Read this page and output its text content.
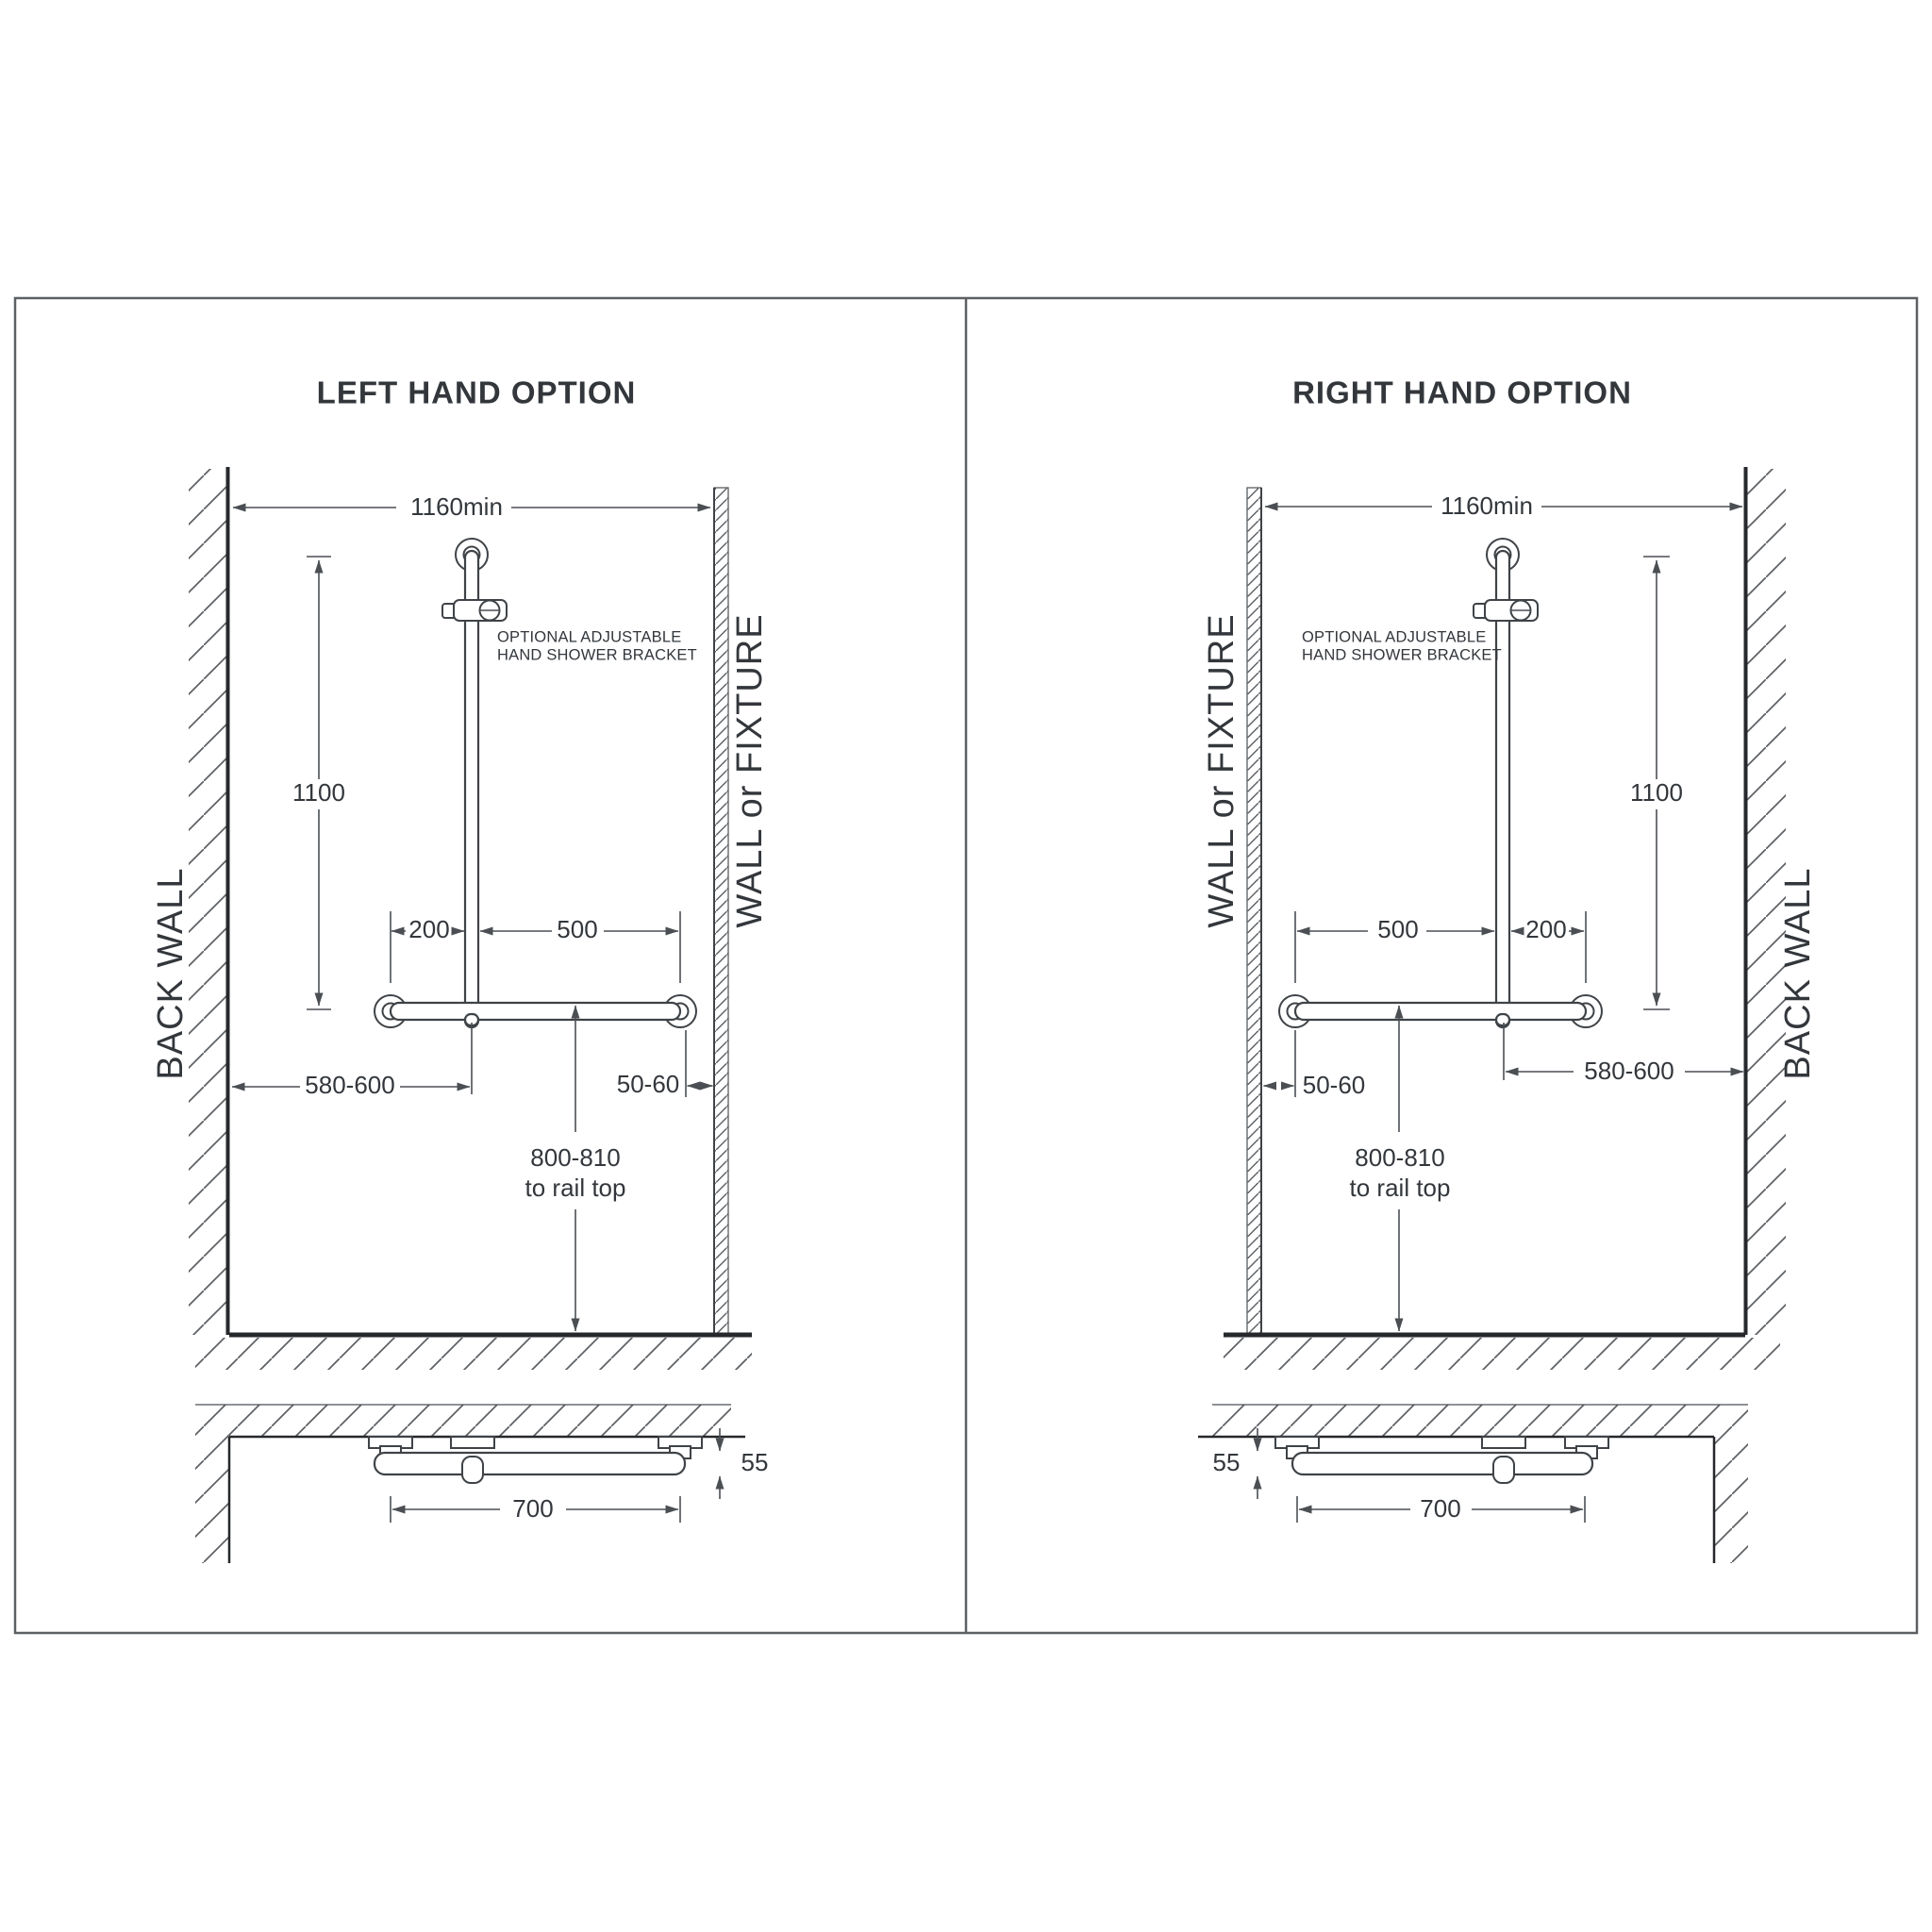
LEFT HAND OPTION
BACK WALL
WALL or FIXTURE
OPTIONAL ADJUSTABLE
HAND SHOWER BRACKET
1160min
1100
200	500
580-600	50-60
800-810
to rail top
700
55
RIGHT HAND OPTION
WALL or FIXTURE
BACK WALL
OPTIONAL ADJUSTABLE
HAND SHOWER BRACKET
1160min
1100
500	200
580-600
50-60
800-810
to rail top
700
55
